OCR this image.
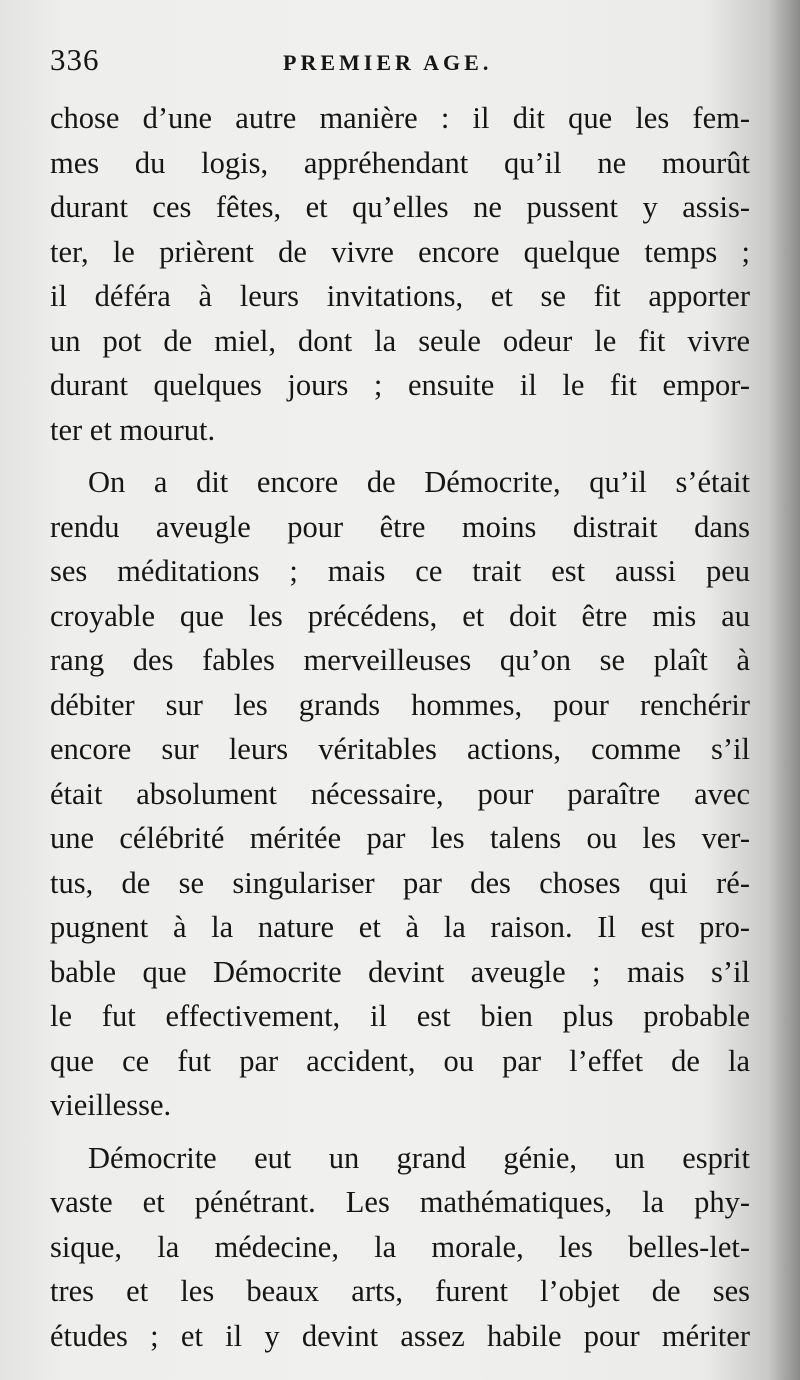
336	PREMIER AGE.
chose d’une autre manière : il dit que les fem-
mes du logis, appréhendant qu’il ne mourût
durant ces fêtes, et qu’elles ne pussent y assis-
ter, le prièrent de vivre encore quelque temps ;
il déféra à leurs invitations, et se fit apporter
un pot de miel, dont la seule odeur le fit vivre
durant quelques jours ; ensuite il le fit empor-
ter et mourut.
On a dit encore de Démocrite, qu’il s’était
rendu aveugle pour être moins distrait dans
ses méditations ; mais ce trait est aussi peu
croyable que les précédens, et doit être mis au
rang des fables merveilleuses qu’on se plaît à
débiter sur les grands hommes, pour renchérir
encore sur leurs véritables actions, comme s’il
était absolument nécessaire, pour paraître avec
une célébrité méritée par les talens ou les ver-
tus, de se singulariser par des choses qui ré-
pugnent à la nature et à la raison. Il est pro-
bable que Démocrite devint aveugle ; mais s’il
le fut effectivement, il est bien plus probable
que ce fut par accident, ou par l’effet de la
vieillesse.
Démocrite eut un grand génie, un esprit
vaste et pénétrant. Les mathématiques, la phy-
sique, la médecine, la morale, les belles-let-
tres et les beaux arts, furent l’objet de ses
études ; et il y devint assez habile pour mériter
